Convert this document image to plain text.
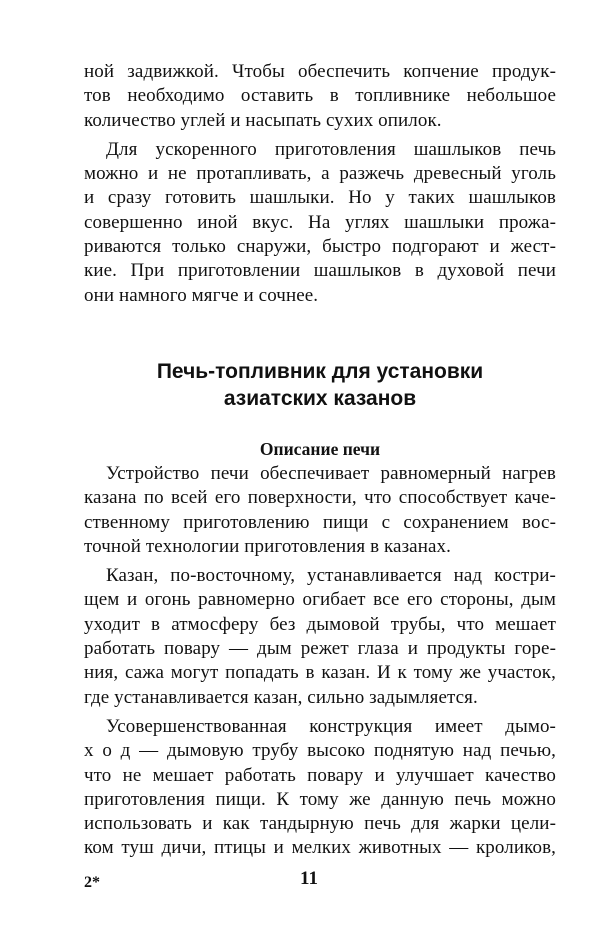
ной задвижкой. Чтобы обеспечить копчение продук-
тов необходимо оставить в топливнике небольшое
количество углей и насыпать сухих опилок.
Для ускоренного приготовления шашлыков печь
можно и не протапливать, а разжечь древесный уголь
и сразу готовить шашлыки. Но у таких шашлыков
совершенно иной вкус. На углях шашлыки прожа-
риваются только снаружи, быстро подгорают и жест-
кие. При приготовлении шашлыков в духовой печи
они намного мягче и сочнее.
Печь-топливник для установки
азиатских казанов
Описание печи
Устройство печи обеспечивает равномерный нагрев
казана по всей его поверхности, что способствует каче-
ственному приготовлению пищи с сохранением вос-
точной технологии приготовления в казанах.
Казан, по-восточному, устанавливается над костри-
щем и огонь равномерно огибает все его стороны, дым
уходит в атмосферу без дымовой трубы, что мешает
работать повару — дым режет глаза и продукты горе-
ния, сажа могут попадать в казан. И к тому же участок,
где устанавливается казан, сильно задымляется.
Усовершенствованная конструкция имеет дымо-
х о д — дымовую трубу высоко поднятую над печью,
что не мешает работать повару и улучшает качество
приготовления пищи. К тому же данную печь можно
использовать и как тандырную печь для жарки цели-
ком туш дичи, птицы и мелких животных — кроликов,
2*	11
